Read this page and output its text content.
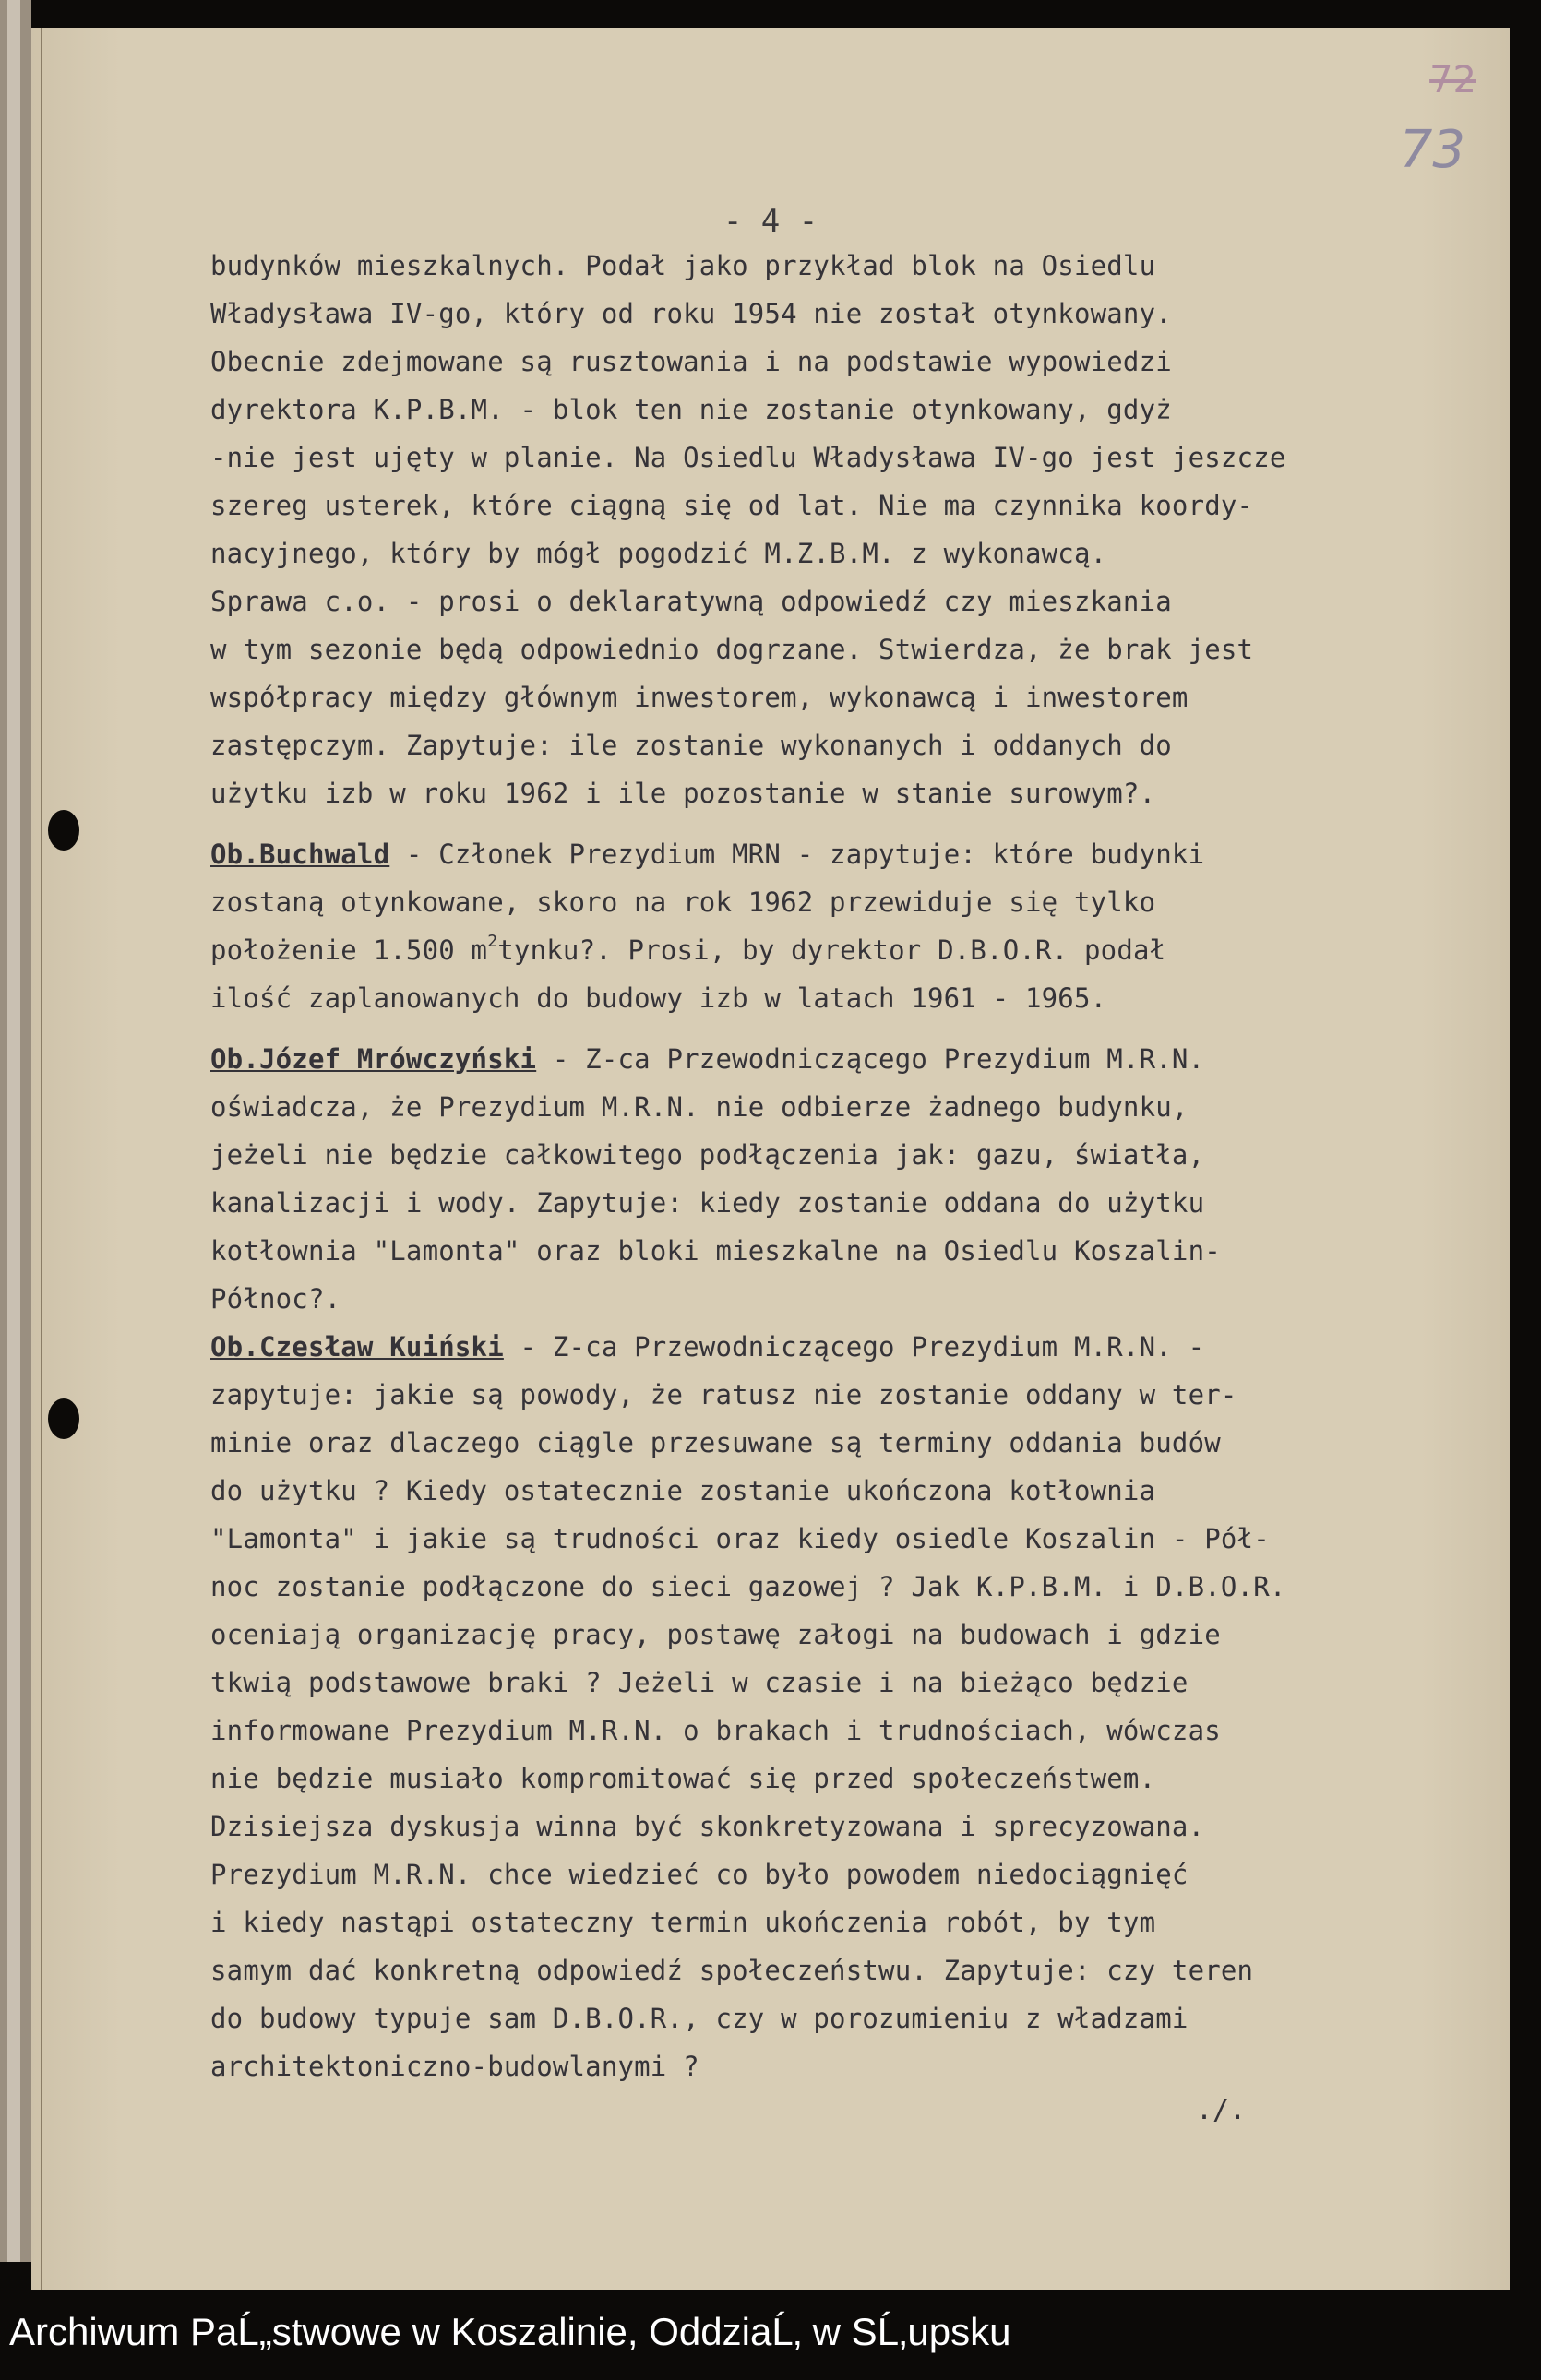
72
73
- 4 -
budynków mieszkalnych. Podał jako przykład blok na Osiedlu
Władysława IV-go, który od roku 1954 nie został otynkowany.
Obecnie zdejmowane są rusztowania i na podstawie wypowiedzi
dyrektora K.P.B.M. - blok ten nie zostanie otynkowany, gdyż
-nie jest ujęty w planie. Na Osiedlu Władysława IV-go jest jeszcze
szereg usterek, które ciągną się od lat. Nie ma czynnika koordy-
nacyjnego, który by mógł pogodzić M.Z.B.M. z wykonawcą.
Sprawa c.o. - prosi o deklaratywną odpowiedź czy mieszkania
w tym sezonie będą odpowiednio dogrzane. Stwierdza, że brak jest
współpracy między głównym inwestorem, wykonawcą i inwestorem
zastępczym. Zapytuje: ile zostanie wykonanych i oddanych do
użytku izb w roku 1962 i ile pozostanie w stanie surowym?.
Ob.Buchwald - Członek Prezydium MRN - zapytuje: które budynki
zostaną otynkowane, skoro na rok 1962 przewiduje się tylko
położenie 1.500 $m^2tynku$?. Prosi, by dyrektor D.B.O.R. podał
ilość zaplanowanych do budowy izb w latach 1961 - 1965.
Ob.Józef Mrówczyński - Z-ca Przewodniczącego Prezydium M.R.N.
oświadcza, że Prezydium M.R.N. nie odbierze żadnego budynku,
jeżeli nie będzie całkowitego podłączenia jak: gazu, światła,
kanalizacji i wody. Zapytuje: kiedy zostanie oddana do użytku
kotłownia "Lamonta" oraz bloki mieszkalne na Osiedlu Koszalin-
Północ?.
Ob.Czesław Kuiński - Z-ca Przewodniczącego Prezydium M.R.N. -
zapytuje: jakie są powody, że ratusz nie zostanie oddany w ter-
minie oraz dlaczego ciągle przesuwane są terminy oddania budów
do użytku ? Kiedy ostatecznie zostanie ukończona kotłownia
"Lamonta" i jakie są trudności oraz kiedy osiedle Koszalin - Pół-
noc zostanie podłączone do sieci gazowej ? Jak K.P.B.M. i D.B.O.R.
oceniają organizację pracy, postawę załogi na budowach i gdzie
tkwią podstawowe braki ? Jeżeli w czasie i na bieżąco będzie
informowane Prezydium M.R.N. o brakach i trudnościach, wówczas
nie będzie musiało kompromitować się przed społeczeństwem.
Dzisiejsza dyskusja winna być skonkretyzowana i sprecyzowana.
Prezydium M.R.N. chce wiedzieć co było powodem niedociągnięć
i kiedy nastąpi ostateczny termin ukończenia robót, by tym
samym dać konkretną odpowiedź społeczeństwu. Zapytuje: czy teren
do budowy typuje sam D.B.O.R., czy w porozumieniu z władzami
architektoniczno-budowlanymi ?
./.
Archiwum PaĹ„stwowe w Koszalinie, OddziaĹ‚ w SĹ‚upsku
